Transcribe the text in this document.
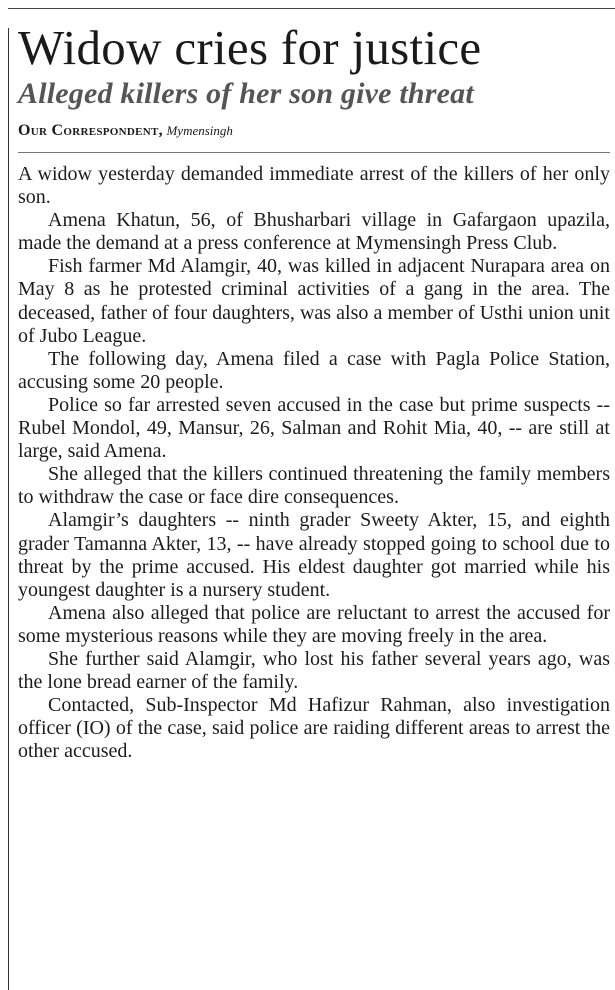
Widow cries for justice
Alleged killers of her son give threat
Our Correspondent, Mymensingh

A widow yesterday demanded immediate arrest of the killers of her only son.

Amena Khatun, 56, of Bhusharbari village in Gafargaon upazila, made the demand at a press conference at Mymensingh Press Club.

Fish farmer Md Alamgir, 40, was killed in adjacent Nurapara area on May 8 as he protested criminal activities of a gang in the area. The deceased, father of four daughters, was also a member of Usthi union unit of Jubo League.

The following day, Amena filed a case with Pagla Police Station, accusing some 20 people.

Police so far arrested seven accused in the case but prime suspects -- Rubel Mondol, 49, Mansur, 26, Salman and Rohit Mia, 40, -- are still at large, said Amena.

She alleged that the killers continued threatening the family members to withdraw the case or face dire consequences.

Alamgir’s daughters -- ninth grader Sweety Akter, 15, and eighth grader Tamanna Akter, 13, -- have already stopped going to school due to threat by the prime accused. His eldest daughter got married while his youngest daughter is a nursery student.

Amena also alleged that police are reluctant to arrest the accused for some mysterious reasons while they are moving freely in the area.

She further said Alamgir, who lost his father several years ago, was the lone bread earner of the family.

Contacted, Sub-Inspector Md Hafizur Rahman, also investigation officer (IO) of the case, said police are raiding different areas to arrest the other accused.
